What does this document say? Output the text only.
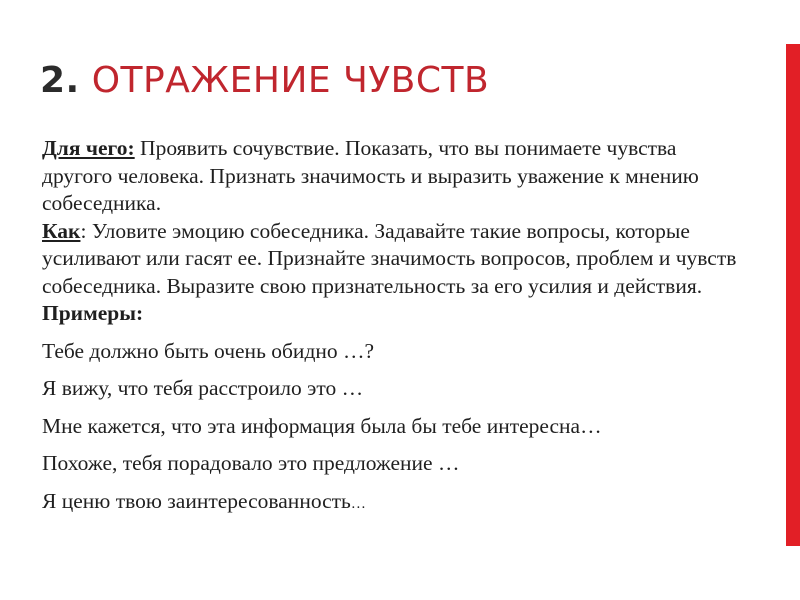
2. ОТРАЖЕНИЕ ЧУВСТВ

Для чего: Проявить сочувствие. Показать, что вы понимаете чувства другого человека. Признать значимость и выразить уважение к мнению собеседника.

Как: Уловите эмоцию собеседника. Задавайте такие вопросы, которые усиливают или гасят ее. Признайте значимость вопросов, проблем и чувств собеседника. Выразите свою признательность за его усилия и действия.

Примеры:

Тебе должно быть очень обидно …?

Я вижу, что тебя расстроило это …

Мне кажется, что эта информация была бы тебе интересна…

Похоже, тебя порадовало это предложение …

Я ценю твою заинтересованность…
